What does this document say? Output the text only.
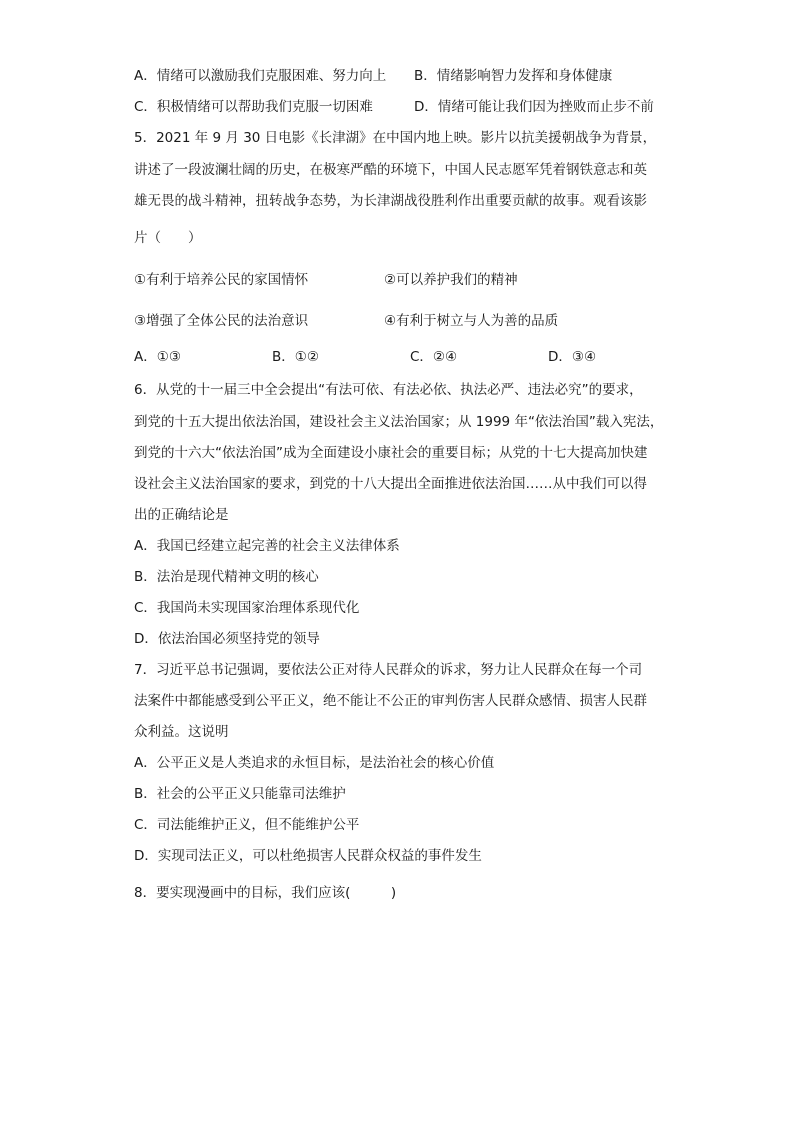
A．情绪可以激励我们克服困难、努力向上 B．情绪影响智力发挥和身体健康
C．积极情绪可以帮助我们克服一切困难	D．情绪可能让我们因为挫败而止步不前
5．2021 年 9 月 30 日电影《长津湖》在中国内地上映。影片以抗美援朝战争为背景，
讲述了一段波澜壮阔的历史，在极寒严酷的环境下，中国人民志愿军凭着钢铁意志和英
雄无畏的战斗精神，扭转战争态势，为长津湖战役胜利作出重要贡献的故事。观看该影
片（　　）
①有利于培养公民的家国情怀	②可以养护我们的精神
③增强了全体公民的法治意识	④有利于树立与人为善的品质
A．①③	B．①②	C．②④	D．③④
6．从党的十一届三中全会提出“有法可依、有法必依、执法必严、违法必究”的要求，
到党的十五大提出依法治国，建设社会主义法治国家；从 1999 年“依法治国”载入宪法，
到党的十六大“依法治国”成为全面建设小康社会的重要目标；从党的十七大提高加快建
设社会主义法治国家的要求，到党的十八大提出全面推进依法治国……从中我们可以得
出的正确结论是
A．我国已经建立起完善的社会主义法律体系
B．法治是现代精神文明的核心
C．我国尚未实现国家治理体系现代化
D．依法治国必须坚持党的领导
7．习近平总书记强调，要依法公正对待人民群众的诉求，努力让人民群众在每一个司
法案件中都能感受到公平正义，绝不能让不公正的审判伤害人民群众感情、损害人民群
众利益。这说明
A．公平正义是人类追求的永恒目标，是法治社会的核心价值
B．社会的公平正义只能靠司法维护
C．司法能维护正义，但不能维护公平
D．实现司法正义，可以杜绝损害人民群众权益的事件发生
8．要实现漫画中的目标，我们应该(　　　)
